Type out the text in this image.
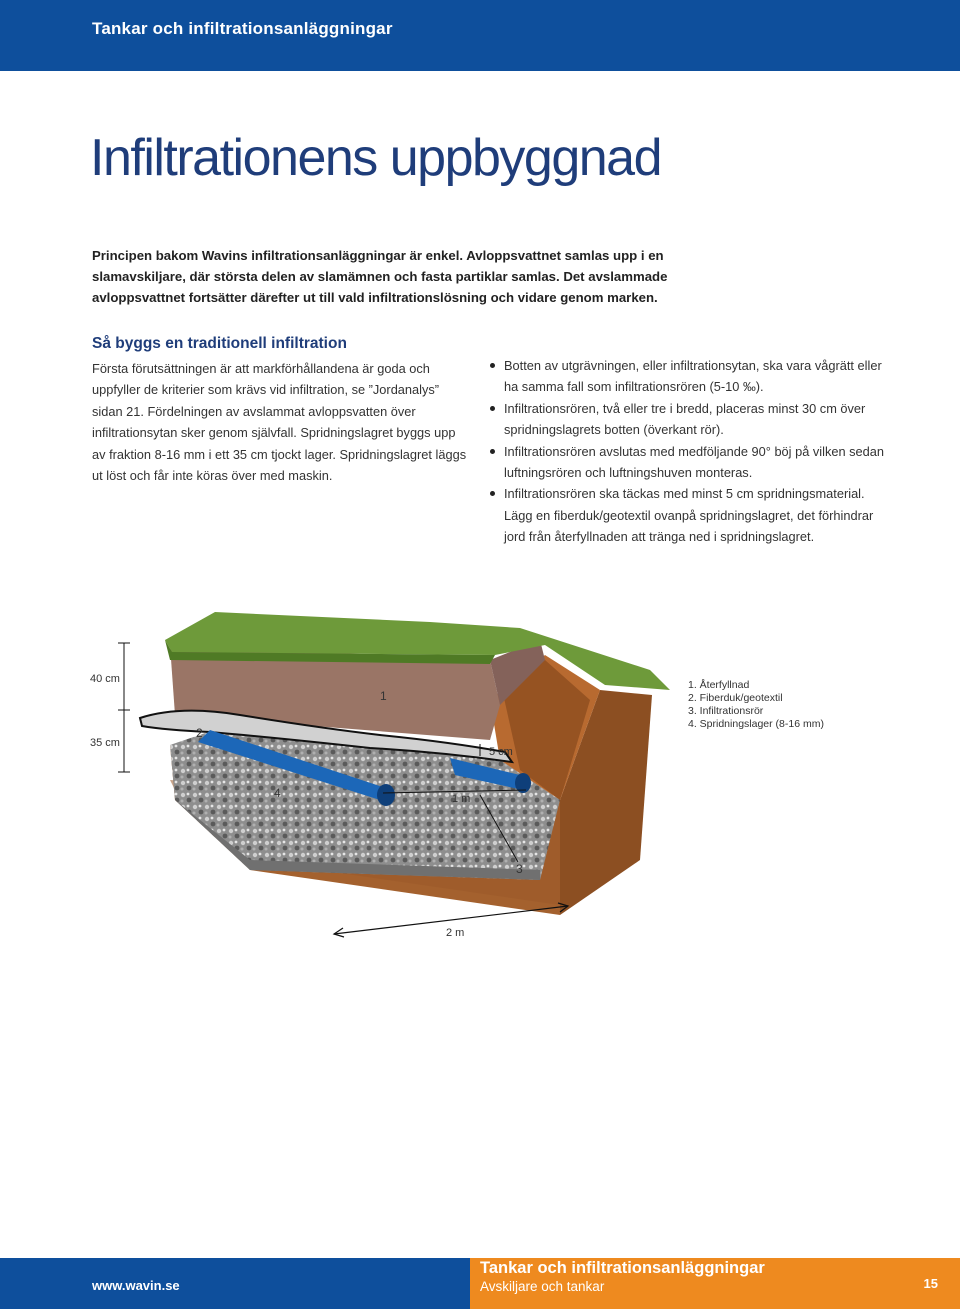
Tankar och infiltrationsanläggningar
Infiltrationens uppbyggnad

Principen bakom Wavins infiltrationsanläggningar är enkel. Avloppsvattnet samlas upp i en slamavskiljare, där största delen av slamämnen och fasta partiklar samlas. Det avslammade avloppsvattnet fortsätter därefter ut till vald infiltrationslösning och vidare genom marken.

Så byggs en traditionell infiltration

Första förutsättningen är att markförhållandena är goda och uppfyller de kriterier som krävs vid infiltration, se ”Jordanalys” sidan 21. Fördelningen av avslammat avloppsvatten över infiltrationsytan sker genom självfall. Spridningslagret byggs upp av fraktion 8-16 mm i ett 35 cm tjockt lager. Spridningslagret läggs ut löst och får inte köras över med maskin.

Botten av utgrävningen, eller infiltrationsytan, ska vara vågrätt eller ha samma fall som infiltrationsrören (5-10 ‰).
Infiltrationsrören, två eller tre i bredd, placeras minst 30 cm över spridningslagrets botten (överkant rör).
Infiltrationsrören avslutas med medföljande 90° böj på vilken sedan luftningsrören och luftningshuven monteras.
Infiltrationsrören ska täckas med minst 5 cm spridningsmaterial. Lägg en fiberduk/geotextil ovanpå spridningslagret, det förhindrar jord från återfyllnaden att tränga ned i spridningslagret.
40 cm
35 cm
1
2
4
3
5 cm
1 m
2 m
1. Återfyllnad
2. Fiberduk/geotextil
3. Infiltrationsrör
4. Spridningslager (8-16 mm)
www.wavin.se
Tankar och infiltrationsanläggningar
Avskiljare och tankar	15
